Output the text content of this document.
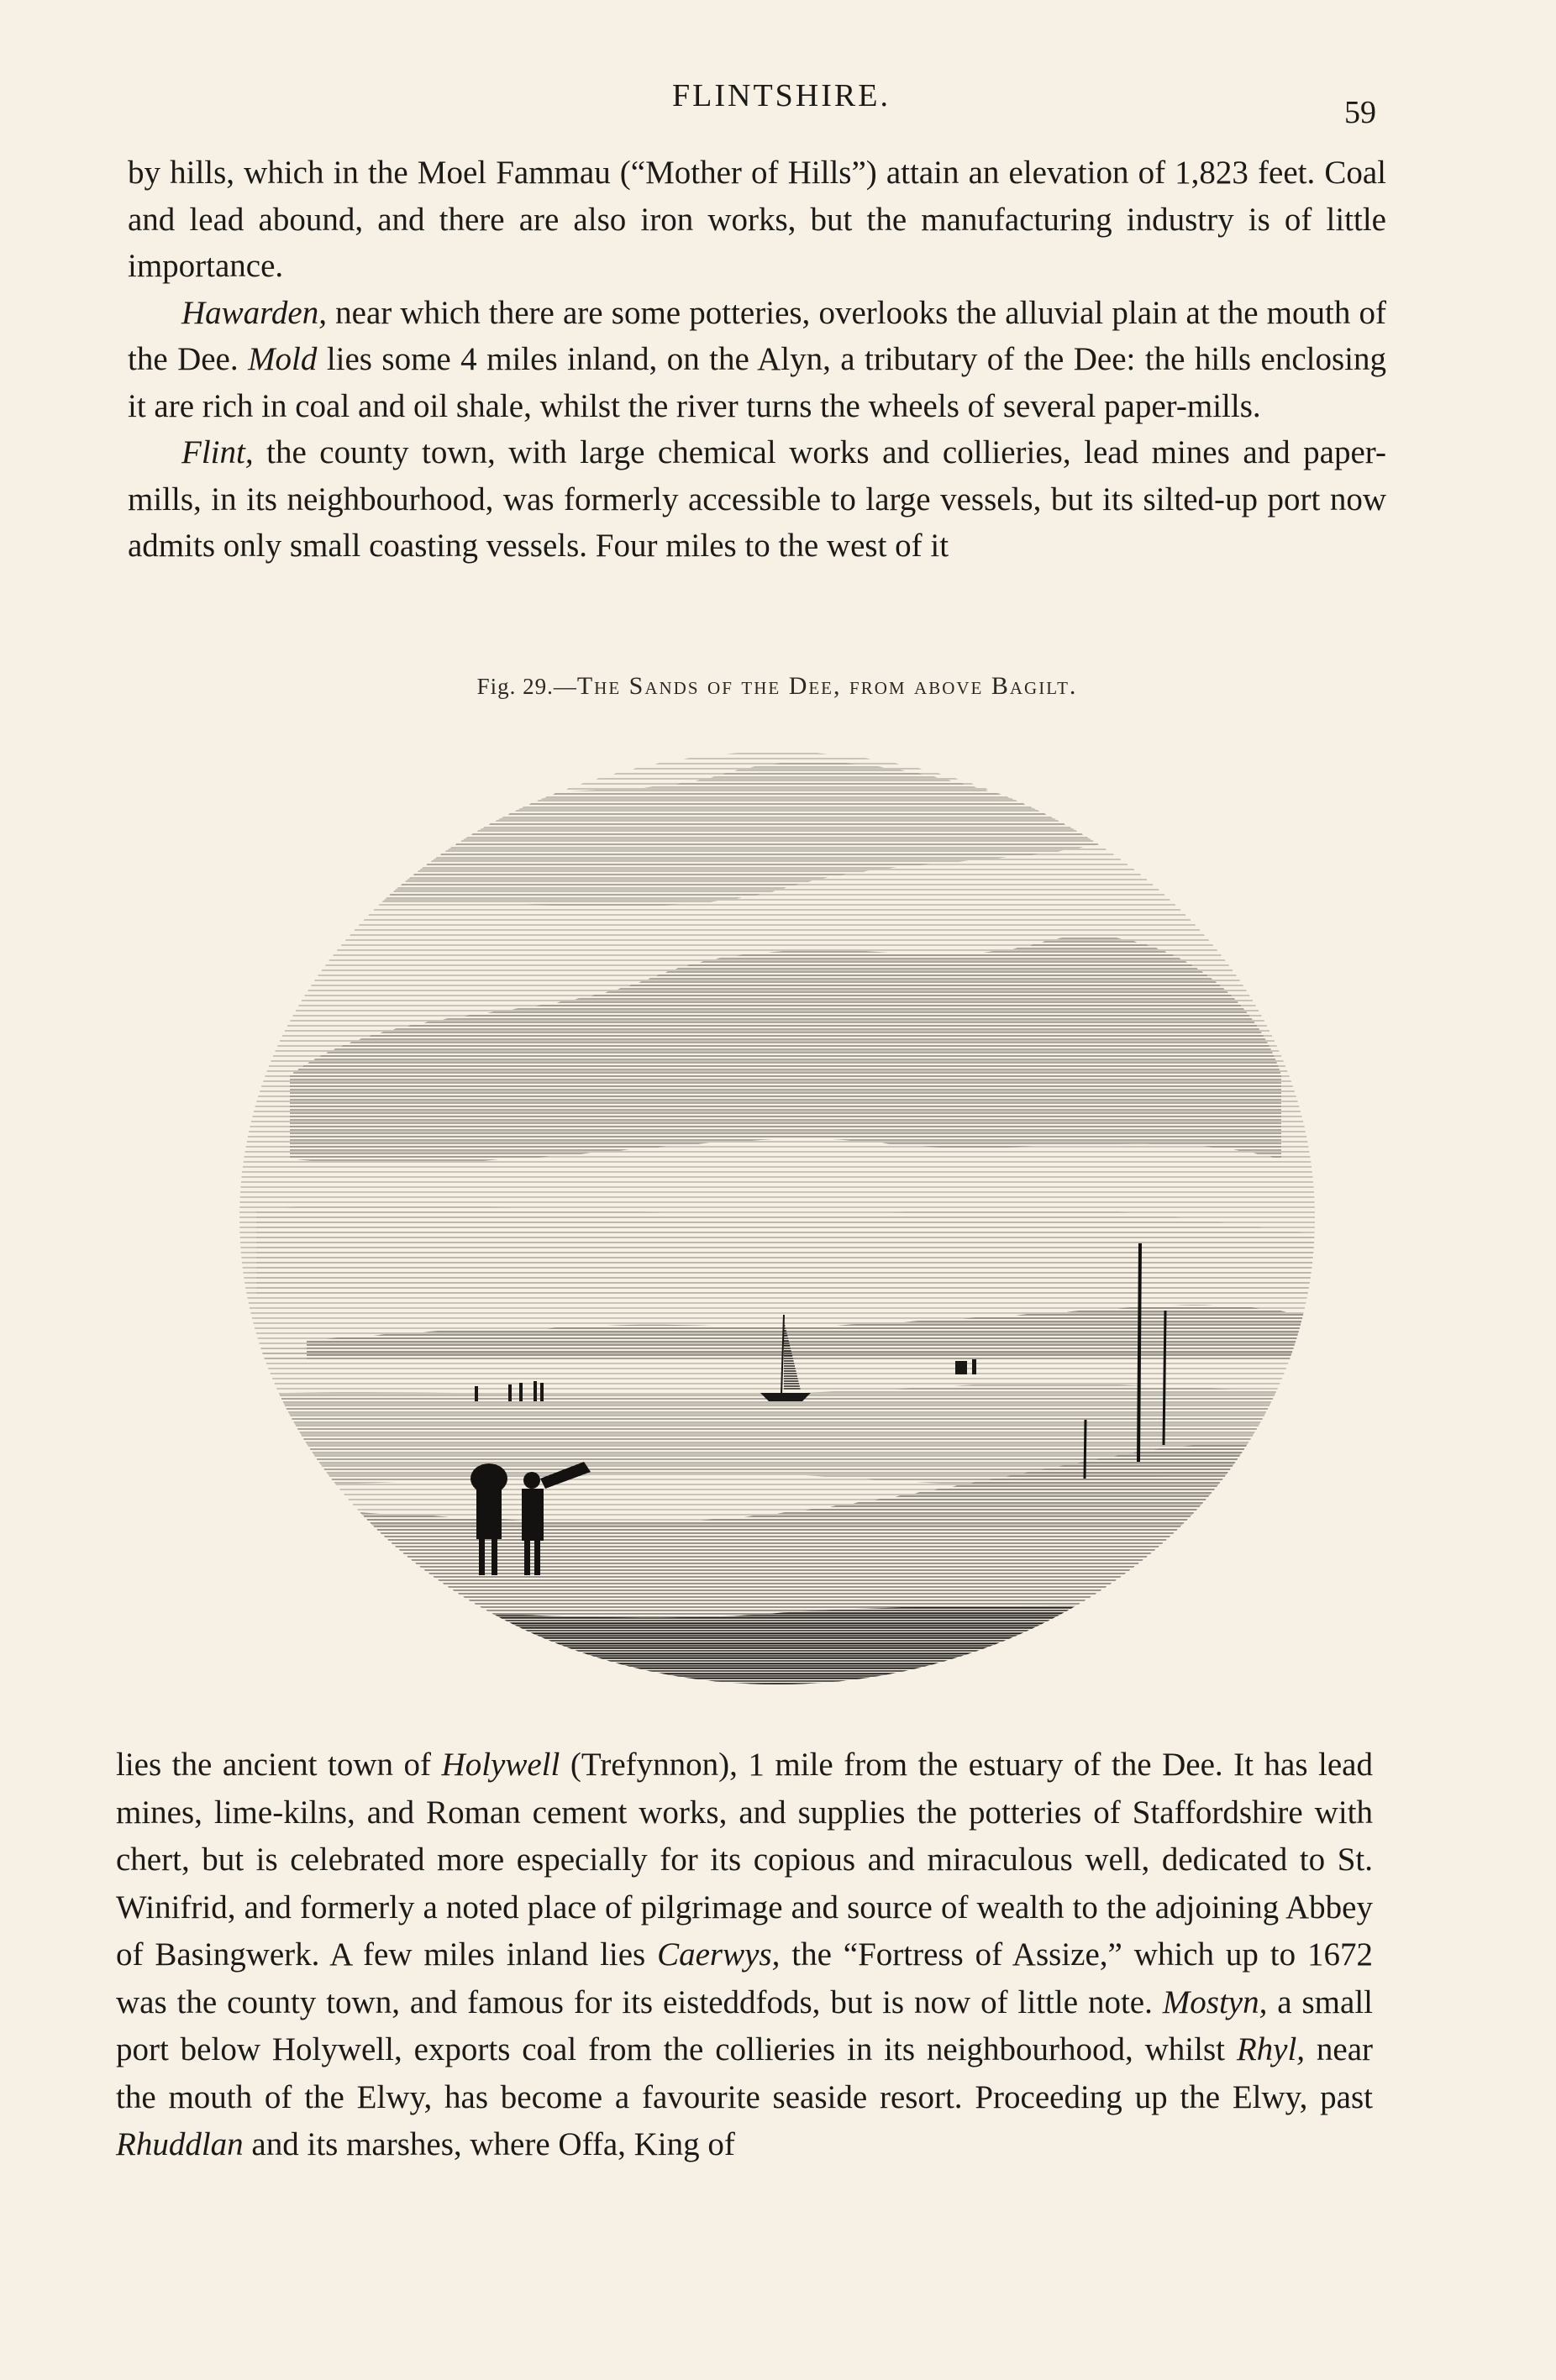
FLINTSHIRE.	59

by hills, which in the Moel Fammau (“Mother of Hills”) attain an elevation of 1,823 feet. Coal and lead abound, and there are also iron works, but the manufacturing industry is of little importance.

Hawarden, near which there are some potteries, overlooks the alluvial plain at the mouth of the Dee. Mold lies some 4 miles inland, on the Alyn, a tributary of the Dee: the hills enclosing it are rich in coal and oil shale, whilst the river turns the wheels of several paper-mills.

Flint, the county town, with large chemical works and collieries, lead mines and paper-mills, in its neighbourhood, was formerly accessible to large vessels, but its silted-up port now admits only small coasting vessels. Four miles to the west of it

Fig. 29.—The Sands of the Dee, from above Bagilt.

lies the ancient town of Holywell (Trefynnon), 1 mile from the estuary of the Dee. It has lead mines, lime-kilns, and Roman cement works, and supplies the potteries of Staffordshire with chert, but is celebrated more especially for its copious and miraculous well, dedicated to St. Winifrid, and formerly a noted place of pilgrimage and source of wealth to the adjoining Abbey of Basingwerk. A few miles inland lies Caerwys, the “Fortress of Assize,” which up to 1672 was the county town, and famous for its eisteddfods, but is now of little note. Mostyn, a small port below Holywell, exports coal from the collieries in its neighbourhood, whilst Rhyl, near the mouth of the Elwy, has become a favourite seaside resort. Proceeding up the Elwy, past Rhuddlan and its marshes, where Offa, King of
